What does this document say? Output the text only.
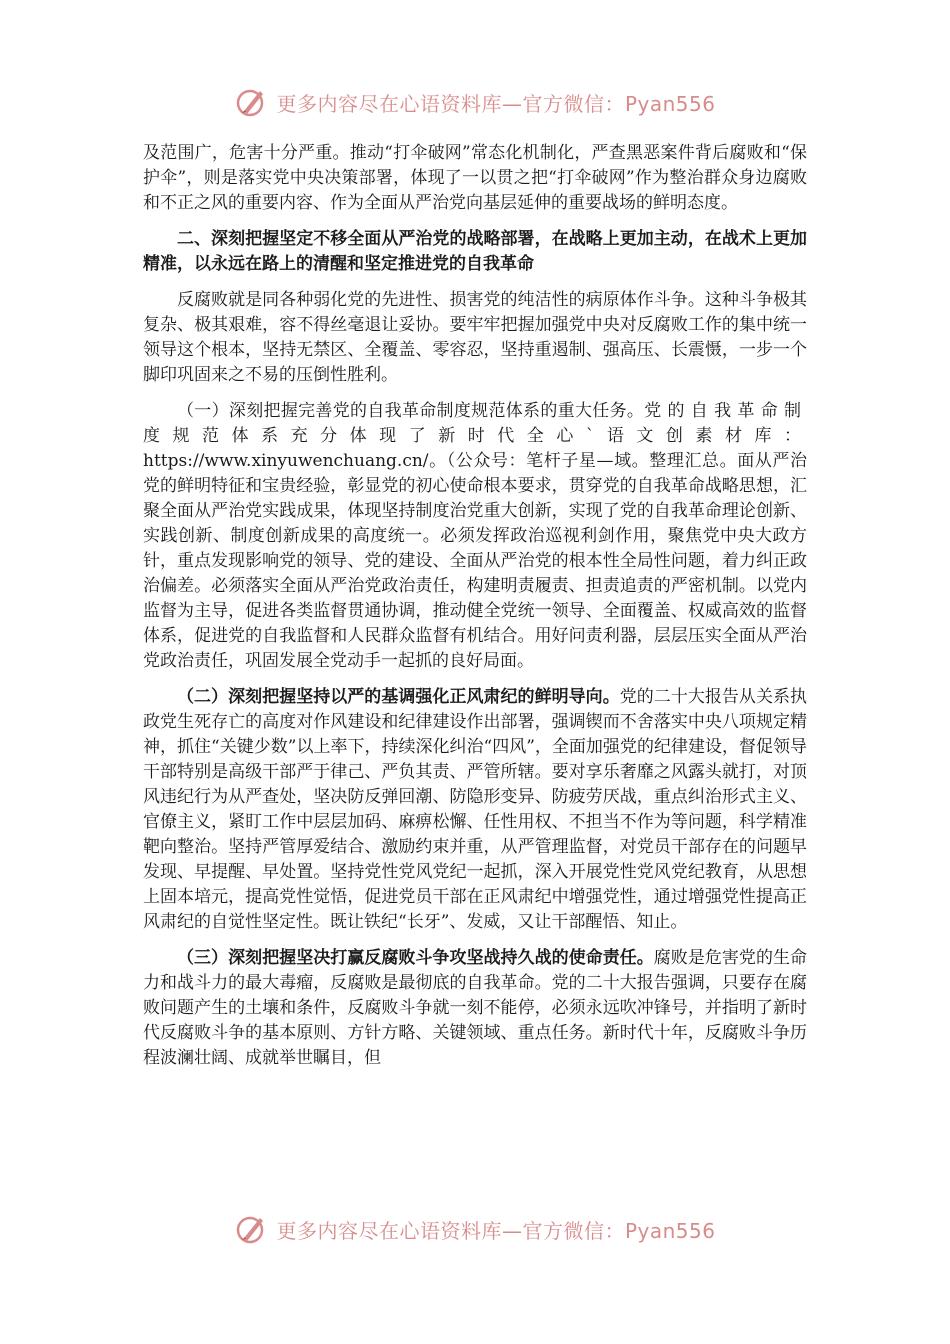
更多内容尽在心语资料库—官方微信：Pyan556

及范围广，危害十分严重。推动“打伞破网”常态化机制化，严查黑恶案件背后腐败和“保护伞”，则是落实党中央决策部署，体现了一以贯之把“打伞破网”作为整治群众身边腐败和不正之风的重要内容、作为全面从严治党向基层延伸的重要战场的鲜明态度。

二、深刻把握坚定不移全面从严治党的战略部署，在战略上更加主动，在战术上更加精准，以永远在路上的清醒和坚定推进党的自我革命

反腐败就是同各种弱化党的先进性、损害党的纯洁性的病原体作斗争。这种斗争极其复杂、极其艰难，容不得丝毫退让妥协。要牢牢把握加强党中央对反腐败工作的集中统一领导这个根本，坚持无禁区、全覆盖、零容忍，坚持重遏制、强高压、长震慑，一步一个脚印巩固来之不易的压倒性胜利。

（一）深刻把握完善党的自我革命制度规范体系的重大任务。党的自我革命制度规范体系充分体现了新时代全心`语文创素材库：https://www.xinyuwenchuang.cn/。（公众号：笔杆子星—域。整理汇总。面从严治党的鲜明特征和宝贵经验，彰显党的初心使命根本要求，贯穿党的自我革命战略思想，汇聚全面从严治党实践成果，体现坚持制度治党重大创新，实现了党的自我革命理论创新、实践创新、制度创新成果的高度统一。必须发挥政治巡视利剑作用，聚焦党中央大政方针，重点发现影响党的领导、党的建设、全面从严治党的根本性全局性问题，着力纠正政治偏差。必须落实全面从严治党政治责任，构建明责履责、担责追责的严密机制。以党内监督为主导，促进各类监督贯通协调，推动健全党统一领导、全面覆盖、权威高效的监督体系，促进党的自我监督和人民群众监督有机结合。用好问责利器，层层压实全面从严治党政治责任，巩固发展全党动手一起抓的良好局面。

（二）深刻把握坚持以严的基调强化正风肃纪的鲜明导向。党的二十大报告从关系执政党生死存亡的高度对作风建设和纪律建设作出部署，强调锲而不舍落实中央八项规定精神，抓住“关键少数”以上率下，持续深化纠治“四风”，全面加强党的纪律建设，督促领导干部特别是高级干部严于律己、严负其责、严管所辖。要对享乐奢靡之风露头就打，对顶风违纪行为从严查处，坚决防反弹回潮、防隐形变异、防疲劳厌战，重点纠治形式主义、官僚主义，紧盯工作中层层加码、麻痹松懈、任性用权、不担当不作为等问题，科学精准靶向整治。坚持严管厚爱结合、激励约束并重，从严管理监督，对党员干部存在的问题早发现、早提醒、早处置。坚持党性党风党纪一起抓，深入开展党性党风党纪教育，从思想上固本培元，提高党性觉悟，促进党员干部在正风肃纪中增强党性，通过增强党性提高正风肃纪的自觉性坚定性。既让铁纪“长牙”、发威，又让干部醒悟、知止。

（三）深刻把握坚决打赢反腐败斗争攻坚战持久战的使命责任。腐败是危害党的生命力和战斗力的最大毒瘤，反腐败是最彻底的自我革命。党的二十大报告强调，只要存在腐败问题产生的土壤和条件，反腐败斗争就一刻不能停，必须永远吹冲锋号，并指明了新时代反腐败斗争的基本原则、方针方略、关键领域、重点任务。新时代十年，反腐败斗争历程波澜壮阔、成就举世瞩目，但

更多内容尽在心语资料库—官方微信：Pyan556
